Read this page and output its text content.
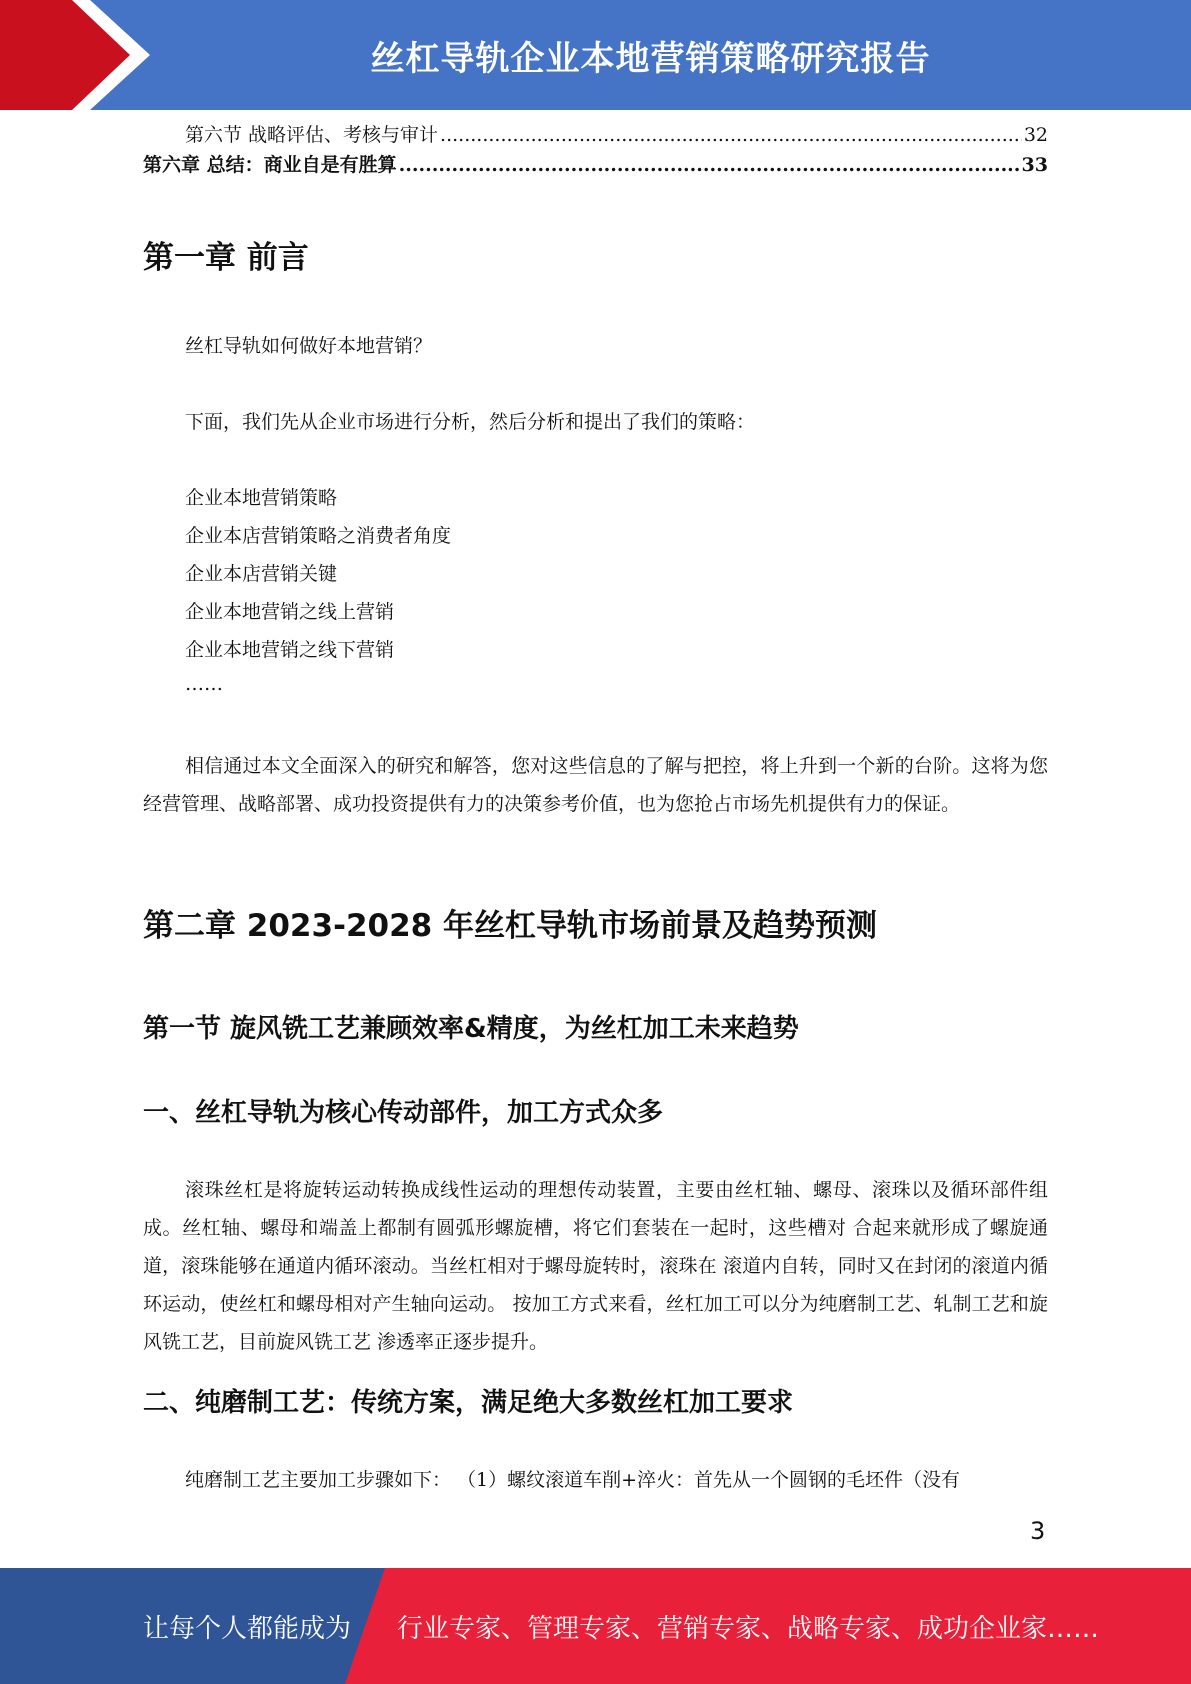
丝杠导轨企业本地营销策略研究报告
第六节 战略评估、考核与审计 .....	32
第六章 总结：商业自是有胜算 .....	33
第一章 前言

丝杠导轨如何做好本地营销？

下面，我们先从企业市场进行分析，然后分析和提出了我们的策略：

企业本地营销策略
企业本店营销策略之消费者角度
企业本店营销关键
企业本地营销之线上营销
企业本地营销之线下营销
……

相信通过本文全面深入的研究和解答，您对这些信息的了解与把控，将上升到一个新的台阶。这将为您经营管理、战略部署、成功投资提供有力的决策参考价值，也为您抢占市场先机提供有力的保证。

第二章 2023-2028 年丝杠导轨市场前景及趋势预测
第一节 旋风铣工艺兼顾效率&精度，为丝杠加工未来趋势
一、丝杠导轨为核心传动部件，加工方式众多

滚珠丝杠是将旋转运动转换成线性运动的理想传动装置，主要由丝杠轴、螺母、滚珠以及循环部件组成。丝杠轴、螺母和端盖上都制有圆弧形螺旋槽，将它们套装在一起时，这些槽对 合起来就形成了螺旋通道，滚珠能够在通道内循环滚动。当丝杠相对于螺母旋转时，滚珠在 滚道内自转，同时又在封闭的滚道内循环运动，使丝杠和螺母相对产生轴向运动。 按加工方式来看，丝杠加工可以分为纯磨制工艺、轧制工艺和旋风铣工艺，目前旋风铣工艺 渗透率正逐步提升。

二、纯磨制工艺：传统方案，满足绝大多数丝杠加工要求

纯磨制工艺主要加工步骤如下： （1）螺纹滚道车削+淬火：首先从一个圆钢的毛坯件（没有

3
让每个人都能成为 行业专家、管理专家、营销专家、战略专家、成功企业家……
